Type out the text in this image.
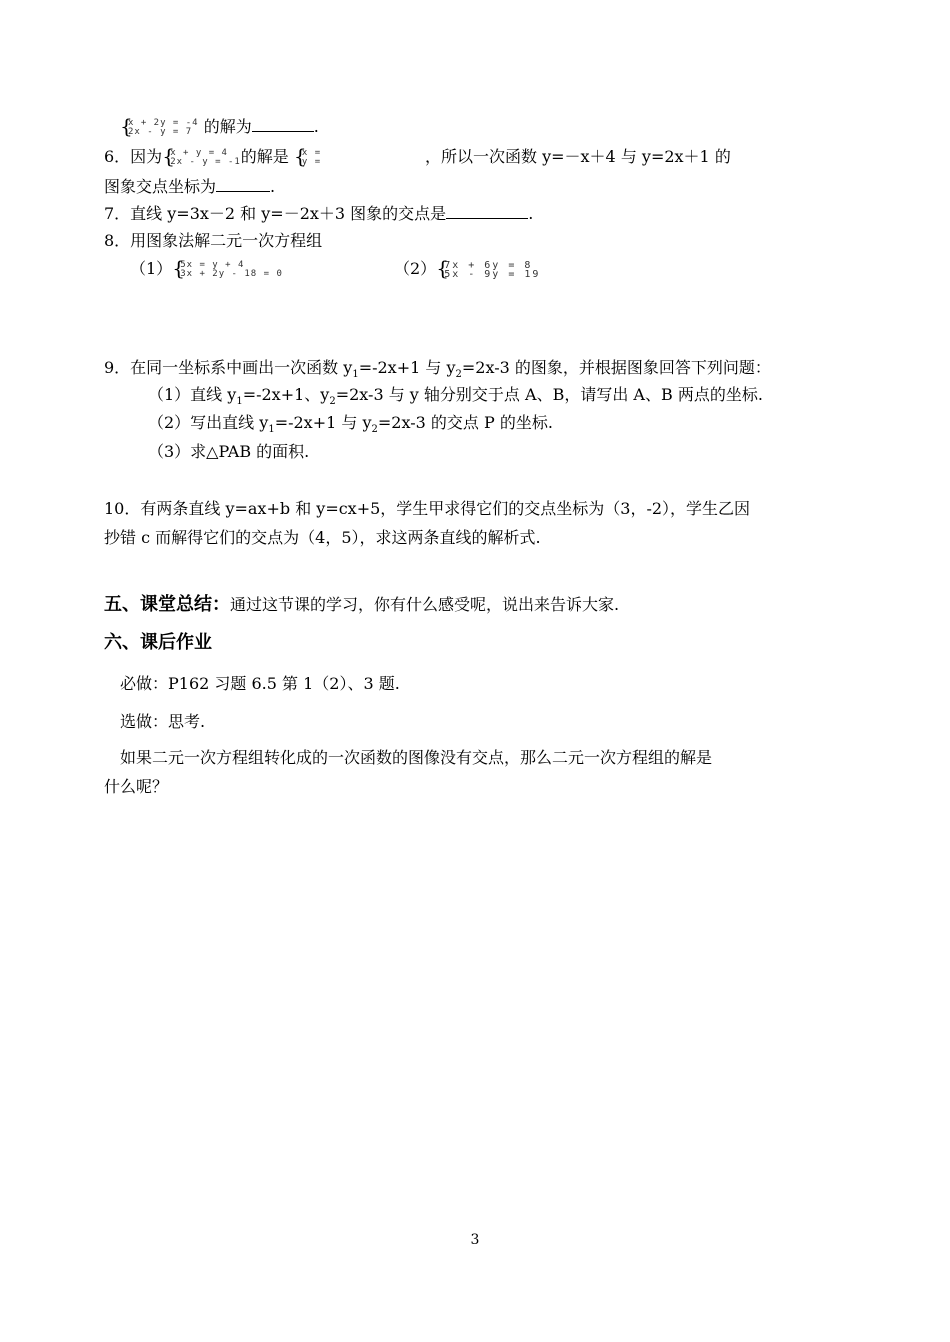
{ x + 2y = -4
2x - y = 7 的解为	.
6．因为 { x + y = 4
2x - y = -1 的解是 { x =
y =	，所以一次函数 y=－x＋4 与 y=2x＋1 的
图象交点坐标为	.
7．直线 y=3x－2 和 y=－2x＋3 图象的交点是	.
8．用图象法解二元一次方程组
（1） { 5x = y + 4
3x + 2y - 18 = 0	（2） { 7x + 6y = 8
5x - 9y = 19
9．在同一坐标系中画出一次函数 $y_1=-2x+1$ 与 $y_2=2x-3$ 的图象，并根据图象回答下列问题：
（1）直线 $y_1=-2x+1$、$y_2=2x-3$ 与 y 轴分别交于点 A、B，请写出 A、B 两点的坐标.
（2）写出直线 $y_1=-2x+1$ 与 $y_2=2x-3$ 的交点 P 的坐标.
（3）求△PAB 的面积.
10．有两条直线 y=ax+b 和 y=cx+5，学生甲求得它们的交点坐标为（3，-2），学生乙因
抄错 c 而解得它们的交点为（4，5），求这两条直线的解析式.
五、课堂总结：通过这节课的学习，你有什么感受呢，说出来告诉大家.
六、课后作业
必做：P162 习题 6.5 第 1（2）、3 题.
选做：思考.
如果二元一次方程组转化成的一次函数的图像没有交点，那么二元一次方程组的解是
什么呢？
3
